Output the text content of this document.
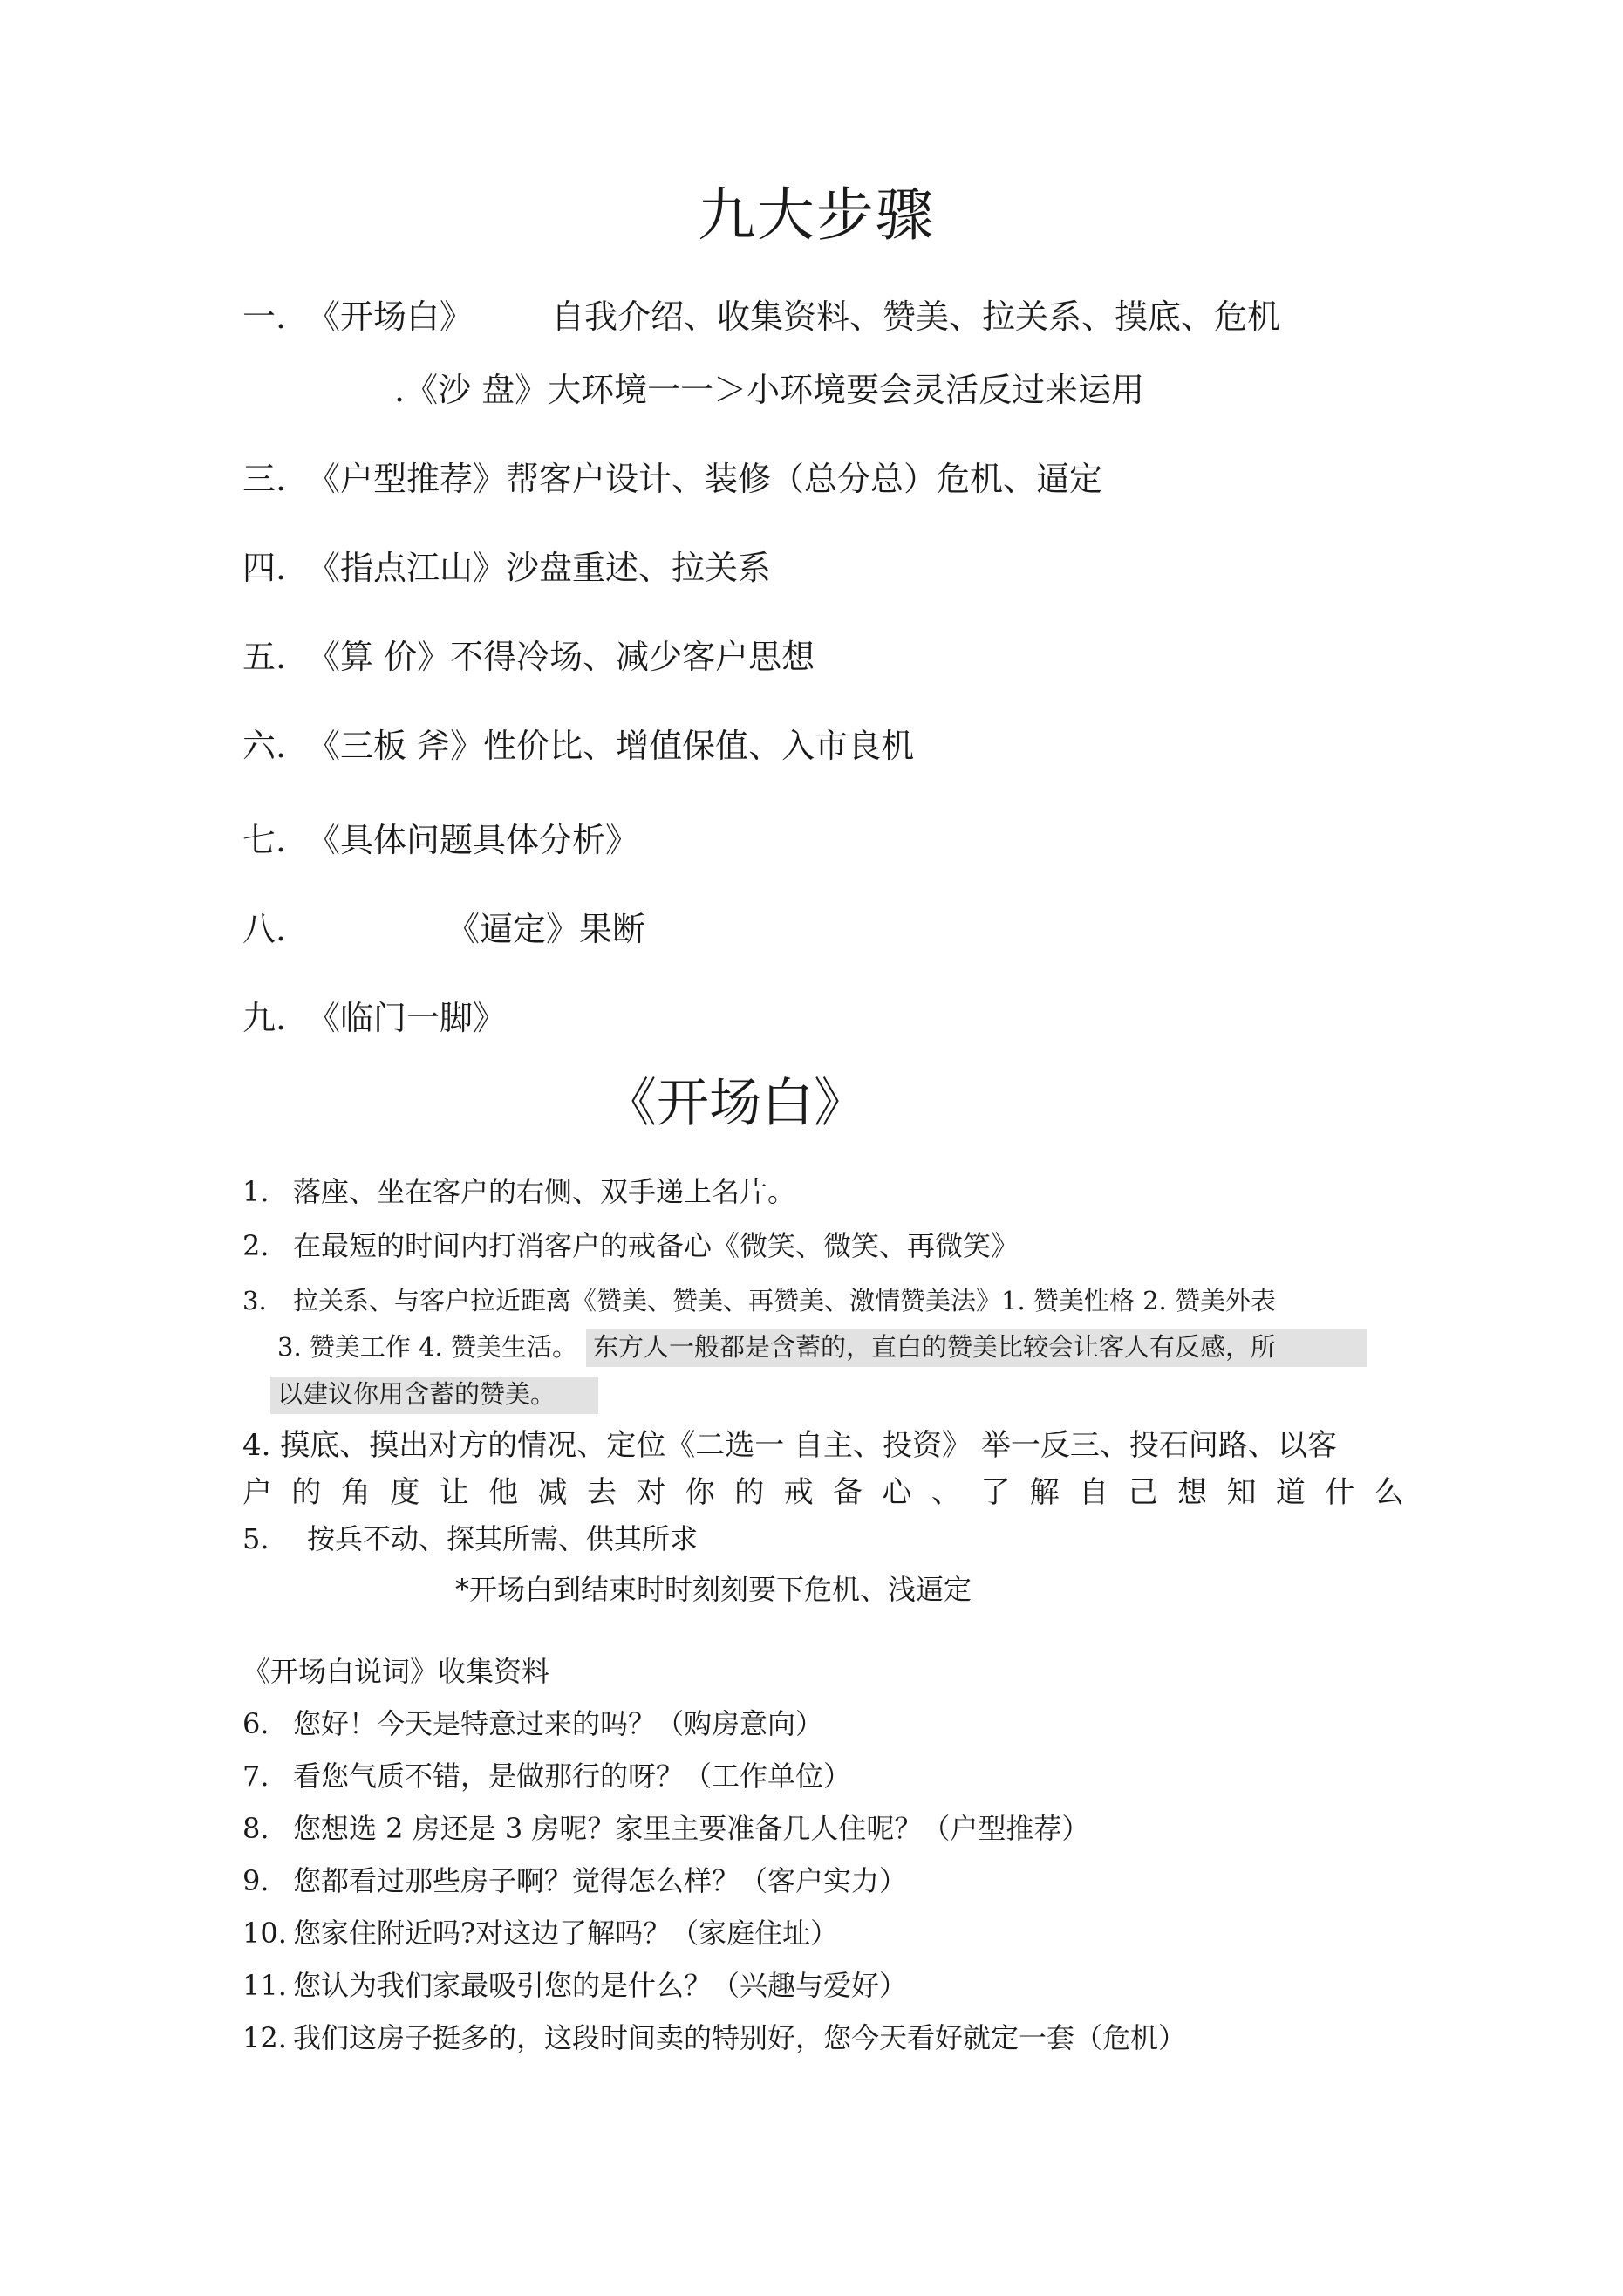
九大步骤
一. 《开场白》 自我介绍、收集资料、赞美、拉关系、摸底、危机
.《沙 盘》大环境一一＞小环境要会灵活反过来运用
三. 《户型推荐》帮客户设计、装修（总分总）危机、逼定
四. 《指点江山》沙盘重述、拉关系
五. 《算 价》不得冷场、减少客户思想
六. 《三板 斧》性价比、增值保值、入市良机
七. 《具体问题具体分析》
八.	《逼定》果断
九. 《临门一脚》
《开场白》
1. 落座、坐在客户的右侧、双手递上名片。
2. 在最短的时间内打消客户的戒备心《微笑、微笑、再微笑》
3. 拉关系、与客户拉近距离《赞美、赞美、再赞美、激情赞美法》1. 赞美性格 2. 赞美外表
3. 赞美工作 4. 赞美生活。 东方人一般都是含蓄的，直白的赞美比较会让客人有反感，所
以建议你用含蓄的赞美。
4. 摸底、摸出对方的情况、定位《二选一 自主、投资》 举一反三、投石问路、以客
户 的 角 度 让 他 减 去 对 你 的 戒 备 心 、 了 解 自 己 想 知 道 什 么
5. 按兵不动、探其所需、供其所求
*开场白到结束时时刻刻要下危机、浅逼定
《开场白说词》收集资料
6. 您好！今天是特意过来的吗？（购房意向）
7. 看您气质不错，是做那行的呀？（工作单位）
8. 您想选 2 房还是 3 房呢？家里主要准备几人住呢？（户型推荐）
9. 您都看过那些房子啊？觉得怎么样？（客户实力）
10. 您家住附近吗?对这边了解吗？（家庭住址）
11. 您认为我们家最吸引您的是什么？（兴趣与爱好）
12. 我们这房子挺多的，这段时间卖的特别好，您今天看好就定一套（危机）
